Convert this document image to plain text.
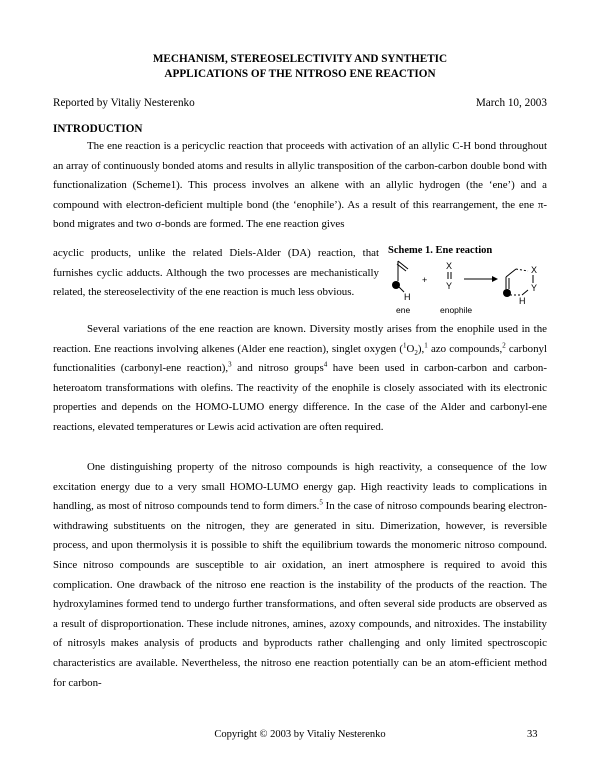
MECHANISM, STEREOSELECTIVITY AND SYNTHETIC
APPLICATIONS OF THE NITROSO ENE REACTION
Reported by Vitaliy Nesterenko	March 10, 2003
INTRODUCTION
The ene reaction is a pericyclic reaction that proceeds with activation of an allylic C-H bond throughout an array of continuously bonded atoms and results in allylic transposition of the carbon-carbon double bond with functionalization (Scheme1). This process involves an alkene with an allylic hydrogen (the ‘ene’) and a compound with electron-deficient multiple bond (the ‘enophile’). As a result of this rearrangement, the ene π-bond migrates and two σ-bonds are formed. The ene reaction gives
acyclic products, unlike the related Diels-Alder (DA) reaction, that furnishes cyclic adducts. Although the two processes are mechanistically related, the stereoselectivity of the ene reaction is much less obvious.
Scheme 1. Ene reaction
H
ene
+
X
Y
enophile
X
Y
H
Several variations of the ene reaction are known. Diversity mostly arises from the enophile used in the reaction. Ene reactions involving alkenes (Alder ene reaction), singlet oxygen $(^1O_2),^1$ azo compounds,$^2$ carbonyl functionalities (carbonyl-ene reaction),$^3$ and nitroso groups$^4$ have been used in carbon-carbon and carbon-heteroatom transformations with olefins. The reactivity of the enophile is closely associated with its electronic properties and depends on the HOMO-LUMO energy difference. In the case of the Alder and carbonyl-ene reactions, elevated temperatures or Lewis acid activation are often required.
One distinguishing property of the nitroso compounds is high reactivity, a consequence of the low excitation energy due to a very small HOMO-LUMO energy gap. High reactivity leads to complications in handling, as most of nitroso compounds tend to form dimers.$^5$ In the case of nitroso compounds bearing electron-withdrawing substituents on the nitrogen, they are generated in situ. Dimerization, however, is reversible process, and upon thermolysis it is possible to shift the equilibrium towards the monomeric nitroso compound. Since nitroso compounds are susceptible to air oxidation, an inert atmosphere is required to avoid this complication. One drawback of the nitroso ene reaction is the instability of the products of the reaction. The hydroxylamines formed tend to undergo further transformations, and often several side products are observed as a result of disproportionation. These include nitrones, amines, azoxy compounds, and nitroxides. The instability of nitrosyls makes analysis of products and byproducts rather challenging and only limited spectroscopic characteristics are available. Nevertheless, the nitroso ene reaction potentially can be an atom-efficient method for carbon-
Copyright © 2003 by Vitaliy Nesterenko	33
